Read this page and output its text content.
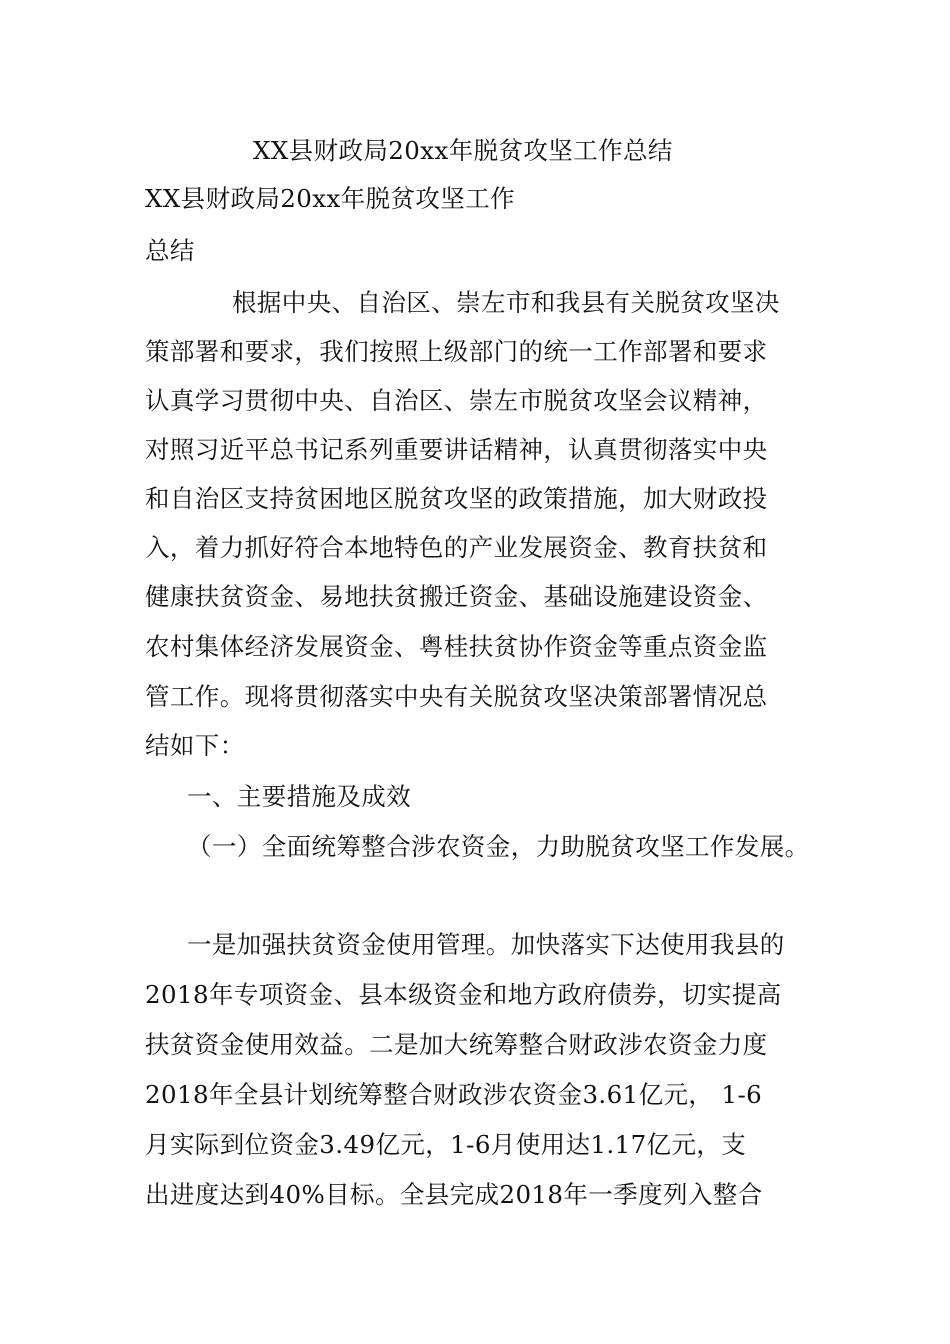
XX县财政局20xx年脱贫攻坚工作总结
XX县财政局20xx年脱贫攻坚工作
总结
根据中央、自治区、崇左市和我县有关脱贫攻坚决
策部署和要求，我们按照上级部门的统一工作部署和要求
认真学习贯彻中央、自治区、崇左市脱贫攻坚会议精神，
对照习近平总书记系列重要讲话精神，认真贯彻落实中央
和自治区支持贫困地区脱贫攻坚的政策措施，加大财政投
入，着力抓好符合本地特色的产业发展资金、教育扶贫和
健康扶贫资金、易地扶贫搬迁资金、基础设施建设资金、
农村集体经济发展资金、粤桂扶贫协作资金等重点资金监
管工作。现将贯彻落实中央有关脱贫攻坚决策部署情况总
结如下：
一、主要措施及成效
（一）全面统筹整合涉农资金，力助脱贫攻坚工作发展。
一是加强扶贫资金使用管理。加快落实下达使用我县的
2018年专项资金、县本级资金和地方政府债券，切实提高
扶贫资金使用效益。二是加大统筹整合财政涉农资金力度
2018年全县计划统筹整合财政涉农资金3.61亿元， 1-6
月实际到位资金3.49亿元，1-6月使用达1.17亿元，支
出进度达到40%目标。全县完成2018年一季度列入整合
